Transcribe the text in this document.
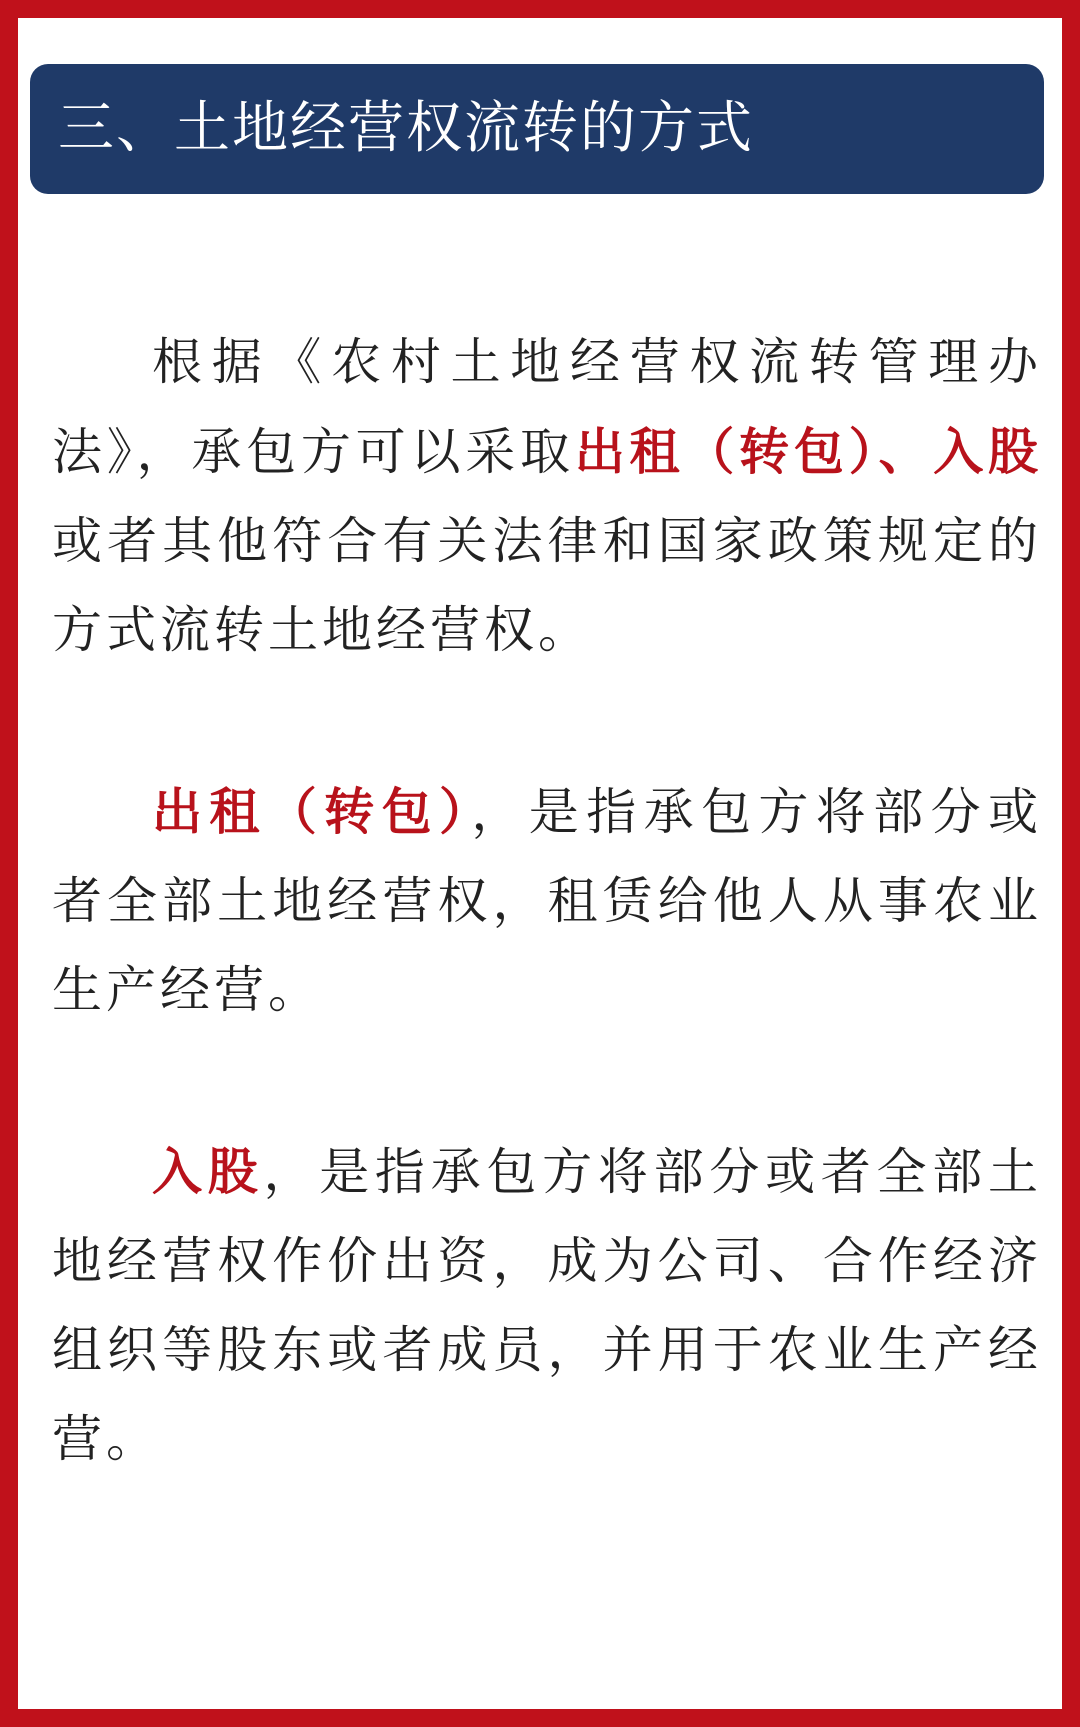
三、土地经营权流转的方式

根据《农村土地经营权流转管理办法》，承包方可以采取出租（转包）、入股或者其他符合有关法律和国家政策规定的方式流转土地经营权。

出租（转包），是指承包方将部分或者全部土地经营权，租赁给他人从事农业生产经营。

入股，是指承包方将部分或者全部土地经营权作价出资，成为公司、合作经济组织等股东或者成员，并用于农业生产经营。
